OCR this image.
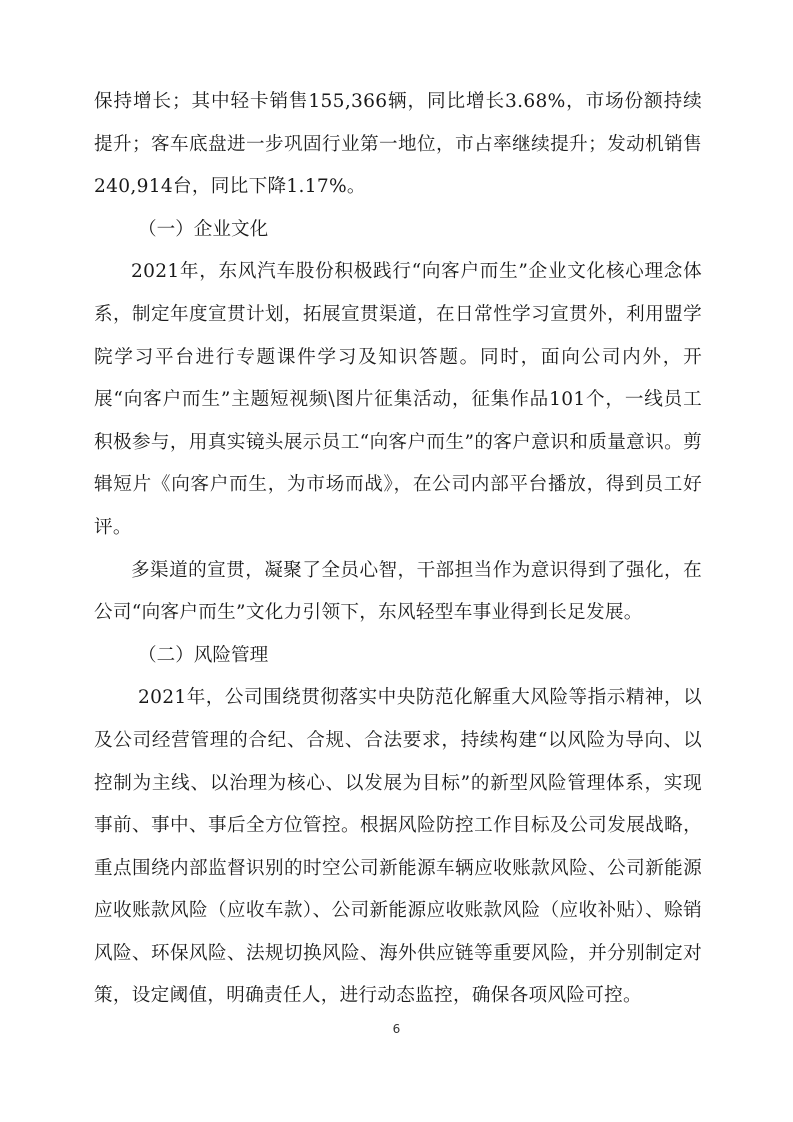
保持增长；其中轻卡销售155,366辆，同比增长3.68%，市场份额持续提升；客车底盘进一步巩固行业第一地位，市占率继续提升；发动机销售240,914台，同比下降1.17%。

（一）企业文化

2021年，东风汽车股份积极践行“向客户而生”企业文化核心理念体系，制定年度宣贯计划，拓展宣贯渠道，在日常性学习宣贯外，利用盟学院学习平台进行专题课件学习及知识答题。同时，面向公司内外，开展“向客户而生”主题短视频\图片征集活动，征集作品101个，一线员工积极参与，用真实镜头展示员工“向客户而生”的客户意识和质量意识。剪辑短片《向客户而生，为市场而战》，在公司内部平台播放，得到员工好评。

多渠道的宣贯，凝聚了全员心智，干部担当作为意识得到了强化，在公司“向客户而生”文化力引领下，东风轻型车事业得到长足发展。

（二）风险管理

2021年，公司围绕贯彻落实中央防范化解重大风险等指示精神，以及公司经营管理的合纪、合规、合法要求，持续构建“以风险为导向、以控制为主线、以治理为核心、以发展为目标”的新型风险管理体系，实现事前、事中、事后全方位管控。根据风险防控工作目标及公司发展战略，重点围绕内部监督识别的时空公司新能源车辆应收账款风险、公司新能源应收账款风险（应收车款）、公司新能源应收账款风险（应收补贴）、赊销风险、环保风险、法规切换风险、海外供应链等重要风险，并分别制定对策，设定阈值，明确责任人，进行动态监控，确保各项风险可控。

6
